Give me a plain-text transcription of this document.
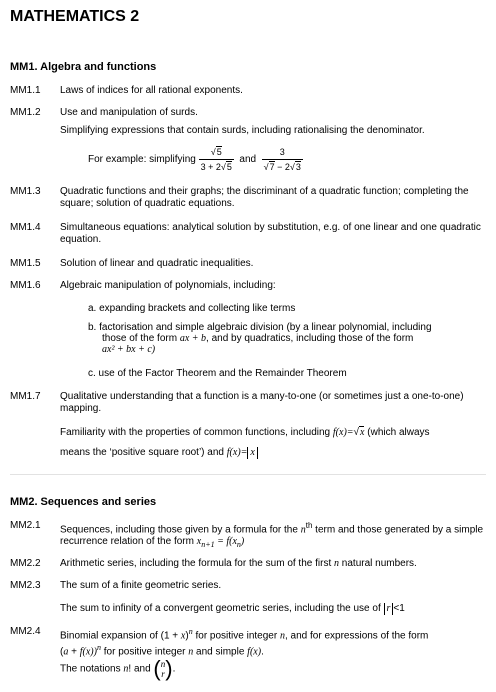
MATHEMATICS 2
MM1. Algebra and functions
MM1.1 Laws of indices for all rational exponents.
MM1.2 Use and manipulation of surds.
Simplifying expressions that contain surds, including rationalising the denominator.
For example: simplifying $\frac{√5}{3 + 2√5}$ and $\frac{3}{√7 - 2√3}$
MM1.3 Quadratic functions and their graphs; the discriminant of a quadratic function; completing the square; solution of quadratic equations.
MM1.4 Simultaneous equations: analytical solution by substitution, e.g. of one linear and one quadratic equation.
MM1.5 Solution of linear and quadratic inequalities.
MM1.6 Algebraic manipulation of polynomials, including:
a. expanding brackets and collecting like terms
b. factorisation and simple algebraic division (by a linear polynomial, including
those of the form ax + b, and by quadratics, including those of the form
ax² + bx + c)
c. use of the Factor Theorem and the Remainder Theorem
MM1.7 Qualitative understanding that a function is a many-to-one (or sometimes just a one-to-one) mapping.
Familiarity with the properties of common functions, including f(x)=√x (which always
means the ‘positive square root’) and f(x)= x
MM2. Sequences and series
MM2.1 Sequences, including those given by a formula for the $n^{th}$ term and those generated by a simple recurrence relation of the form $x_{n+1} = f(x_n)$
MM2.2 Arithmetic series, including the formula for the sum of the first n natural numbers.
MM2.3 The sum of a finite geometric series.
The sum to infinity of a convergent geometric series, including the use of r <1
MM2.4 Binomial expansion of $(1 + x)^n$ for positive integer n, and for expressions of the form
$(a + f(x))^n$ for positive integer n and simple f(x).
The notations n! and ( n
r ).
